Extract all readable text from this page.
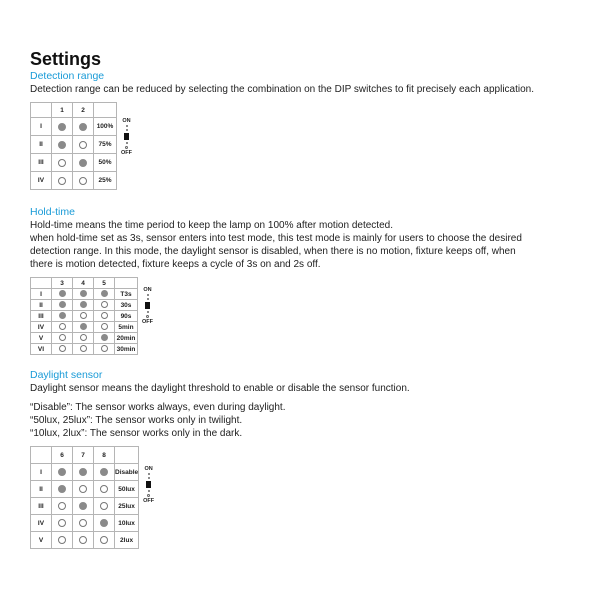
Settings

Detection range

Detection range can be reduced by selecting the combination on the DIP switches to fit precisely each application.

	1	2	
I			100%
II			75%
III			50%
IV			25%
ON
OFF

Hold-time

Hold-time means the time period to keep the lamp on 100% after motion detected.

when hold-time set as 3s, sensor enters into test mode, this test mode is mainly for users to choose the desired

detection range. In this mode, the daylight sensor is disabled, when there is no motion, fixture keeps off, when

there is motion detected, fixture keeps a cycle of 3s on and 2s off.

	3	4	5	
I				T3s
II				30s
III				90s
IV				5min
V				20min
VI				30min
ON
OFF

Daylight sensor

Daylight sensor means the daylight threshold to enable or disable the sensor function.

“Disable”: The sensor works always, even during daylight.

“50lux, 25lux”: The sensor works only in twilight.

“10lux, 2lux”: The sensor works only in the dark.

	6	7	8	
I				Disable
II				50lux
III				25lux
IV				10lux
V				2lux
ON
OFF
